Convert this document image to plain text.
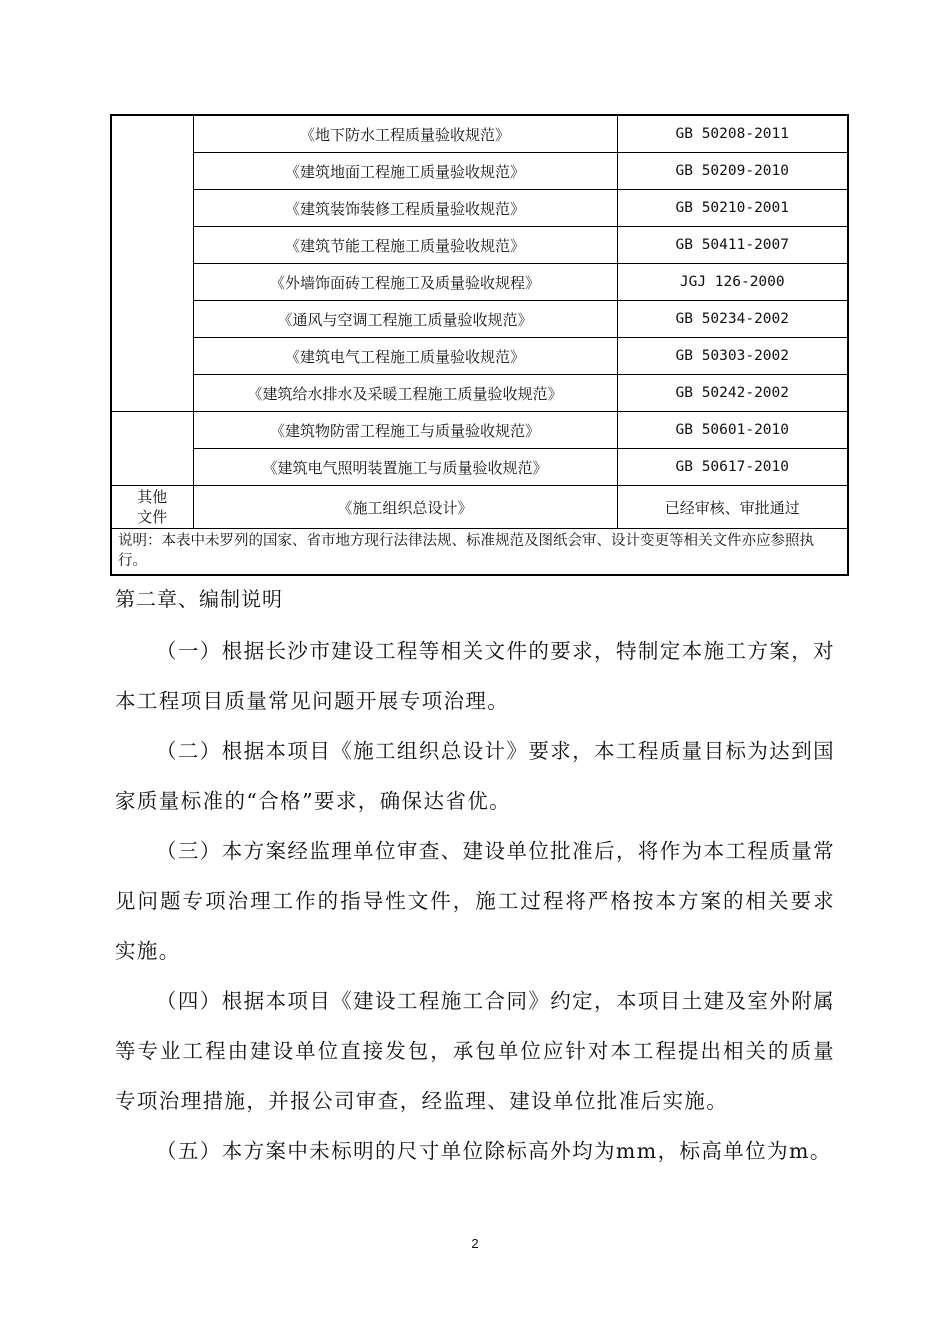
	《地下防水工程质量验收规范》	GB 50208-2011
	《建筑地面工程施工质量验收规范》	GB 50209-2010
	《建筑装饰装修工程质量验收规范》	GB 50210-2001
	《建筑节能工程施工质量验收规范》	GB 50411-2007
	《外墙饰面砖工程施工及质量验收规程》	JGJ 126-2000
	《通风与空调工程施工质量验收规范》	GB 50234-2002
	《建筑电气工程施工质量验收规范》	GB 50303-2002
	《建筑给水排水及采暖工程施工质量验收规范》	GB 50242-2002
	《建筑物防雷工程施工与质量验收规范》	GB 50601-2010
	《建筑电气照明装置施工与质量验收规范》	GB 50617-2010
其他
文件	《施工组织总设计》	已经审核、审批通过
说明：本表中未罗列的国家、省市地方现行法律法规、标准规范及图纸会审、设计变更等相关文件亦应参照执行。		
第二章、编制说明

（一）根据长沙市建设工程等相关文件的要求，特制定本施工方案，对本工程项目质量常见问题开展专项治理。

（二）根据本项目《施工组织总设计》要求，本工程质量目标为达到国家质量标准的“合格”要求，确保达省优。

（三）本方案经监理单位审查、建设单位批准后，将作为本工程质量常见问题专项治理工作的指导性文件，施工过程将严格按本方案的相关要求实施。

（四）根据本项目《建设工程施工合同》约定，本项目土建及室外附属等专业工程由建设单位直接发包，承包单位应针对本工程提出相关的质量专项治理措施，并报公司审查，经监理、建设单位批准后实施。

（五）本方案中未标明的尺寸单位除标高外均为mm，标高单位为m。

2
